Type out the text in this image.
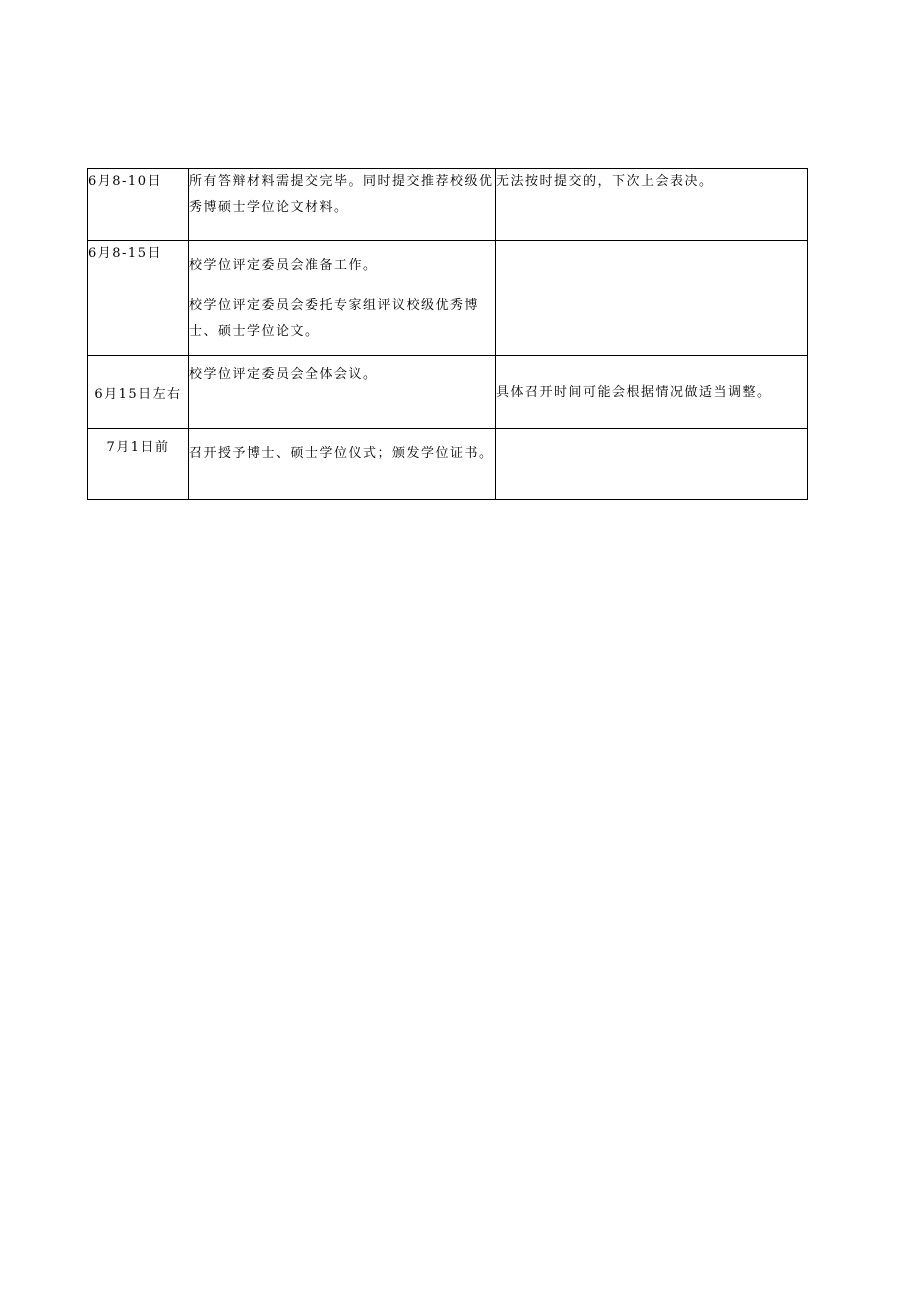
6月8-10日	所有答辩材料需提交完毕。同时提交推荐校级优秀博硕士学位论文材料。	无法按时提交的，下次上会表决。
6月8-15日	校学位评定委员会准备工作。
校学位评定委员会委托专家组评议校级优秀博士、硕士学位论文。	

6月15日左右	校学位评定委员会全体会议。	具体召开时间可能会根据情况做适当调整。
7月1日前	召开授予博士、硕士学位仪式；颁发学位证书。	
